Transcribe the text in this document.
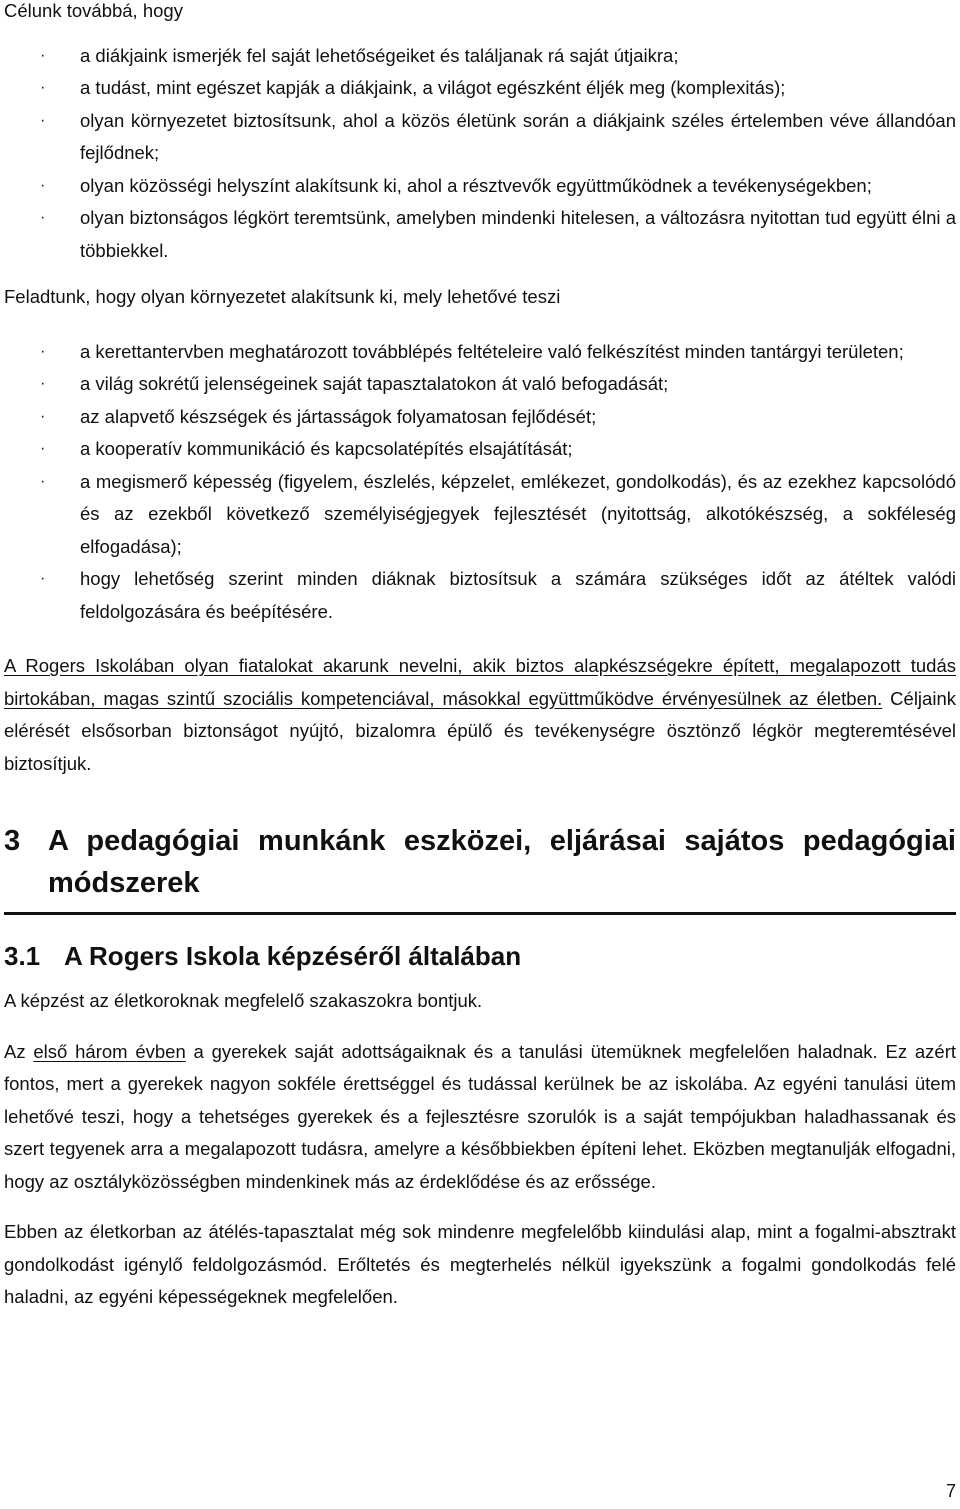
Célunk továbbá, hogy

· a diákjaink ismerjék fel saját lehetőségeiket és találjanak rá saját útjaikra;
· a tudást, mint egészet kapják a diákjaink, a világot egészként éljék meg (komplexitás);
· olyan környezetet biztosítsunk, ahol a közös életünk során a diákjaink széles értelemben véve állandóan fejlődnek;
· olyan közösségi helyszínt alakítsunk ki, ahol a résztvevők együttműködnek a tevékenységekben;
· olyan biztonságos légkört teremtsünk, amelyben mindenki hitelesen, a változásra nyitottan tud együtt élni a többiekkel.

Feladtunk, hogy olyan környezetet alakítsunk ki, mely lehetővé teszi

· a kerettantervben meghatározott továbblépés feltételeire való felkészítést minden tantárgyi területen;
· a világ sokrétű jelenségeinek saját tapasztalatokon át való befogadását;
· az alapvető készségek és jártasságok folyamatosan fejlődését;
· a kooperatív kommunikáció és kapcsolatépítés elsajátítását;
· a megismerő képesség (figyelem, észlelés, képzelet, emlékezet, gondolkodás), és az ezekhez kapcsolódó és az ezekből következő személyiségjegyek fejlesztését (nyitottság, alkotókészség, a sokféleség elfogadása);
· hogy lehetőség szerint minden diáknak biztosítsuk a számára szükséges időt az átéltek valódi feldolgozására és beépítésére.

A Rogers Iskolában olyan fiatalokat akarunk nevelni, akik biztos alapkészségekre épített, megalapozott tudás birtokában, magas szintű szociális kompetenciával, másokkal együttműködve érvényesülnek az életben. Céljaink elérését elsősorban biztonságot nyújtó, bizalomra épülő és tevékenységre ösztönző légkör megteremtésével biztosítjuk.

3 A pedagógiai munkánk eszközei, eljárásai sajátos pedagógiai módszerek
3.1 A Rogers Iskola képzéséről általában

A képzést az életkoroknak megfelelő szakaszokra bontjuk.

Az első három évben a gyerekek saját adottságaiknak és a tanulási ütemüknek megfelelően haladnak. Ez azért fontos, mert a gyerekek nagyon sokféle érettséggel és tudással kerülnek be az iskolába. Az egyéni tanulási ütem lehetővé teszi, hogy a tehetséges gyerekek és a fejlesztésre szorulók is a saját tempójukban haladhassanak és szert tegyenek arra a megalapozott tudásra, amelyre a későbbiekben építeni lehet. Eközben megtanulják elfogadni, hogy az osztályközösségben mindenkinek más az érdeklődése és az erőssége.

Ebben az életkorban az átélés-tapasztalat még sok mindenre megfelelőbb kiindulási alap, mint a fogalmi-absztrakt gondolkodást igénylő feldolgozásmód. Erőltetés és megterhelés nélkül igyekszünk a fogalmi gondolkodás felé haladni, az egyéni képességeknek megfelelően.

7
